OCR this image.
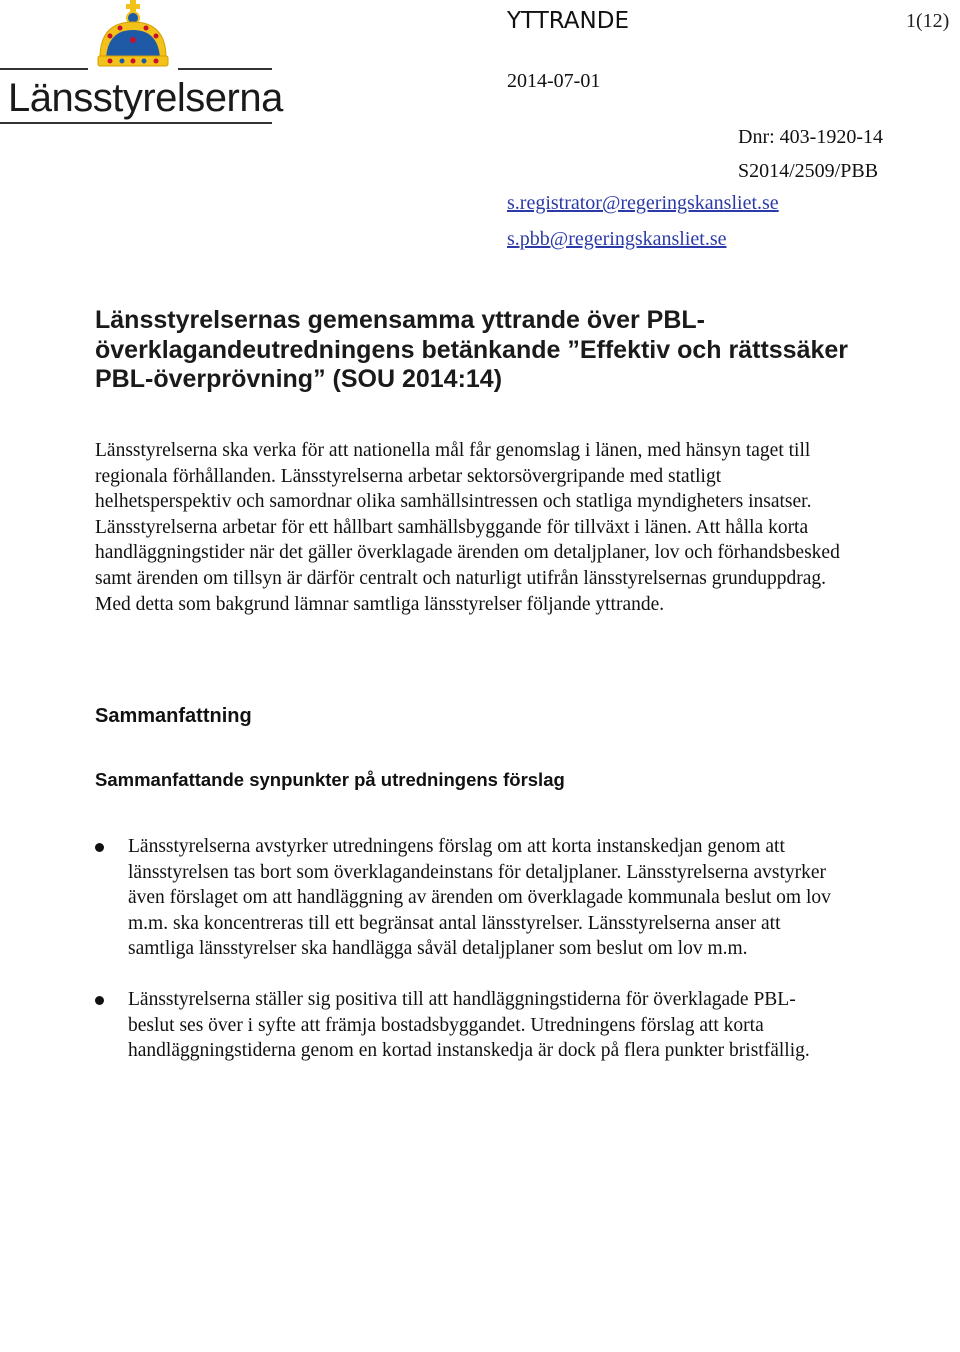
Länsstyrelserna
YTTRANDE	1(12)
2014-07-01
Dnr: 403-1920-14
S2014/2509/PBB
s.registrator@regeringskansliet.se
s.pbb@regeringskansliet.se
Länsstyrelsernas gemensamma yttrande över PBL-överklagandeutredningens betänkande ”Effektiv och rättssäker PBL-överprövning” (SOU 2014:14)

Länsstyrelserna ska verka för att nationella mål får genomslag i länen, med hänsyn taget till regionala förhållanden. Länsstyrelserna arbetar sektorsövergripande med statligt helhetsperspektiv och samordnar olika samhällsintressen och statliga myndigheters insatser. Länsstyrelserna arbetar för ett hållbart samhällsbyggande för tillväxt i länen. Att hålla korta handläggningstider när det gäller överklagade ärenden om detaljplaner, lov och förhandsbesked samt ärenden om tillsyn är därför centralt och naturligt utifrån länsstyrelsernas grunduppdrag. Med detta som bakgrund lämnar samtliga länsstyrelser följande yttrande.

Sammanfattning
Sammanfattande synpunkter på utredningens förslag
Länsstyrelserna avstyrker utredningens förslag om att korta instanskedjan genom att länsstyrelsen tas bort som överklagandeinstans för detaljplaner. Länsstyrelserna avstyrker även förslaget om att handläggning av ärenden om överklagade kommunala beslut om lov m.m. ska koncentreras till ett begränsat antal länsstyrelser. Länsstyrelserna anser att samtliga länsstyrelser ska handlägga såväl detaljplaner som beslut om lov m.m.
Länsstyrelserna ställer sig positiva till att handläggningstiderna för överklagade PBL-beslut ses över i syfte att främja bostadsbyggandet. Utredningens förslag att korta handläggningstiderna genom en kortad instanskedja är dock på flera punkter bristfällig.
